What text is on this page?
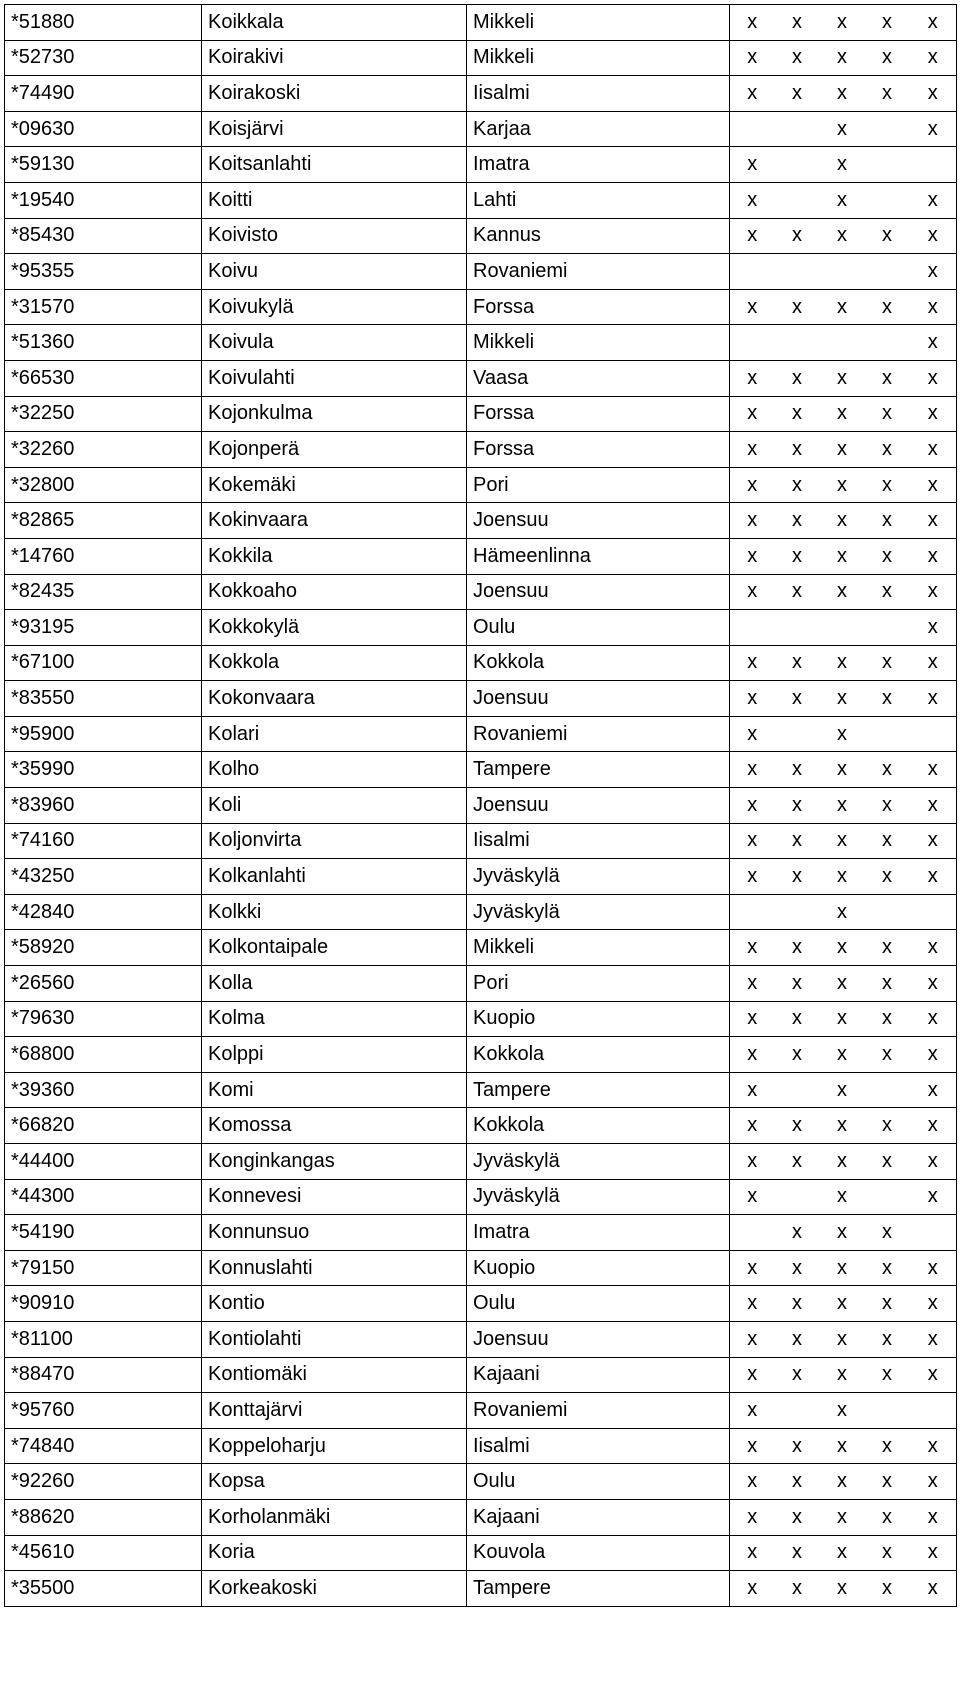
*51880	Koikkala	Mikkeli	x	x	x	x	x
*52730	Koirakivi	Mikkeli	x	x	x	x	x
*74490	Koirakoski	Iisalmi	x	x	x	x	x
*09630	Koisjärvi	Karjaa			x		x
*59130	Koitsanlahti	Imatra	x		x		
*19540	Koitti	Lahti	x		x		x
*85430	Koivisto	Kannus	x	x	x	x	x
*95355	Koivu	Rovaniemi					x
*31570	Koivukylä	Forssa	x	x	x	x	x
*51360	Koivula	Mikkeli					x
*66530	Koivulahti	Vaasa	x	x	x	x	x
*32250	Kojonkulma	Forssa	x	x	x	x	x
*32260	Kojonperä	Forssa	x	x	x	x	x
*32800	Kokemäki	Pori	x	x	x	x	x
*82865	Kokinvaara	Joensuu	x	x	x	x	x
*14760	Kokkila	Hämeenlinna	x	x	x	x	x
*82435	Kokkoaho	Joensuu	x	x	x	x	x
*93195	Kokkokylä	Oulu					x
*67100	Kokkola	Kokkola	x	x	x	x	x
*83550	Kokonvaara	Joensuu	x	x	x	x	x
*95900	Kolari	Rovaniemi	x		x		
*35990	Kolho	Tampere	x	x	x	x	x
*83960	Koli	Joensuu	x	x	x	x	x
*74160	Koljonvirta	Iisalmi	x	x	x	x	x
*43250	Kolkanlahti	Jyväskylä	x	x	x	x	x
*42840	Kolkki	Jyväskylä			x		
*58920	Kolkontaipale	Mikkeli	x	x	x	x	x
*26560	Kolla	Pori	x	x	x	x	x
*79630	Kolma	Kuopio	x	x	x	x	x
*68800	Kolppi	Kokkola	x	x	x	x	x
*39360	Komi	Tampere	x		x		x
*66820	Komossa	Kokkola	x	x	x	x	x
*44400	Konginkangas	Jyväskylä	x	x	x	x	x
*44300	Konnevesi	Jyväskylä	x		x		x
*54190	Konnunsuo	Imatra		x	x	x	
*79150	Konnuslahti	Kuopio	x	x	x	x	x
*90910	Kontio	Oulu	x	x	x	x	x
*81100	Kontiolahti	Joensuu	x	x	x	x	x
*88470	Kontiomäki	Kajaani	x	x	x	x	x
*95760	Konttajärvi	Rovaniemi	x		x		
*74840	Koppeloharju	Iisalmi	x	x	x	x	x
*92260	Kopsa	Oulu	x	x	x	x	x
*88620	Korholanmäki	Kajaani	x	x	x	x	x
*45610	Koria	Kouvola	x	x	x	x	x
*35500	Korkeakoski	Tampere	x	x	x	x	x
